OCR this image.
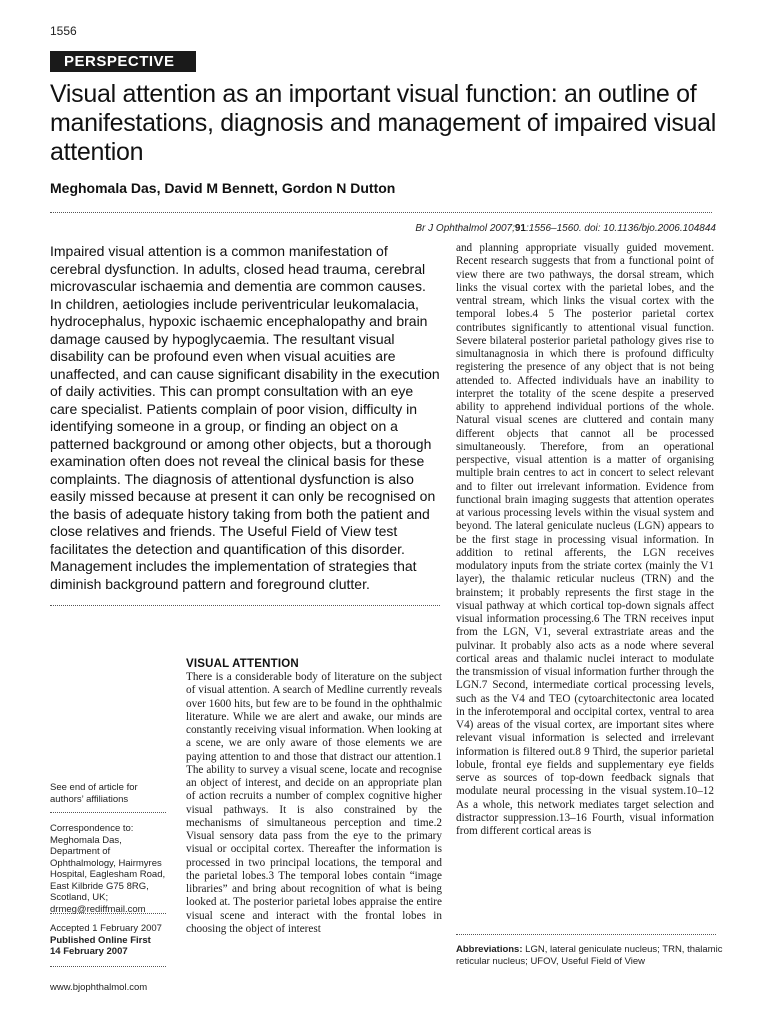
1556
PERSPECTIVE
Visual attention as an important visual function: an outline of manifestations, diagnosis and management of impaired visual attention
Meghomala Das, David M Bennett, Gordon N Dutton
Br J Ophthalmol 2007;91:1556–1560. doi: 10.1136/bjo.2006.104844

Impaired visual attention is a common manifestation of cerebral dysfunction. In adults, closed head trauma, cerebral microvascular ischaemia and dementia are common causes. In children, aetiologies include periventricular leukomalacia, hydrocephalus, hypoxic ischaemic encephalopathy and brain damage caused by hypoglycaemia. The resultant visual disability can be profound even when visual acuities are unaffected, and can cause significant disability in the execution of daily activities. This can prompt consultation with an eye care specialist. Patients complain of poor vision, difficulty in identifying someone in a group, or finding an object on a patterned background or among other objects, but a thorough examination often does not reveal the clinical basis for these complaints. The diagnosis of attentional dysfunction is also easily missed because at present it can only be recognised on the basis of adequate history taking from both the patient and close relatives and friends. The Useful Field of View test facilitates the detection and quantification of this disorder. Management includes the implementation of strategies that diminish background pattern and foreground clutter.

VISUAL ATTENTION

There is a considerable body of literature on the subject of visual attention. A search of Medline currently reveals over 1600 hits, but few are to be found in the ophthalmic literature. While we are alert and awake, our minds are constantly receiving visual information. When looking at a scene, we are only aware of those elements we are paying attention to and those that distract our attention.1 The ability to survey a visual scene, locate and recognise an object of interest, and decide on an appropriate plan of action recruits a number of complex cognitive higher visual pathways. It is also constrained by the mechanisms of simultaneous perception and time.2 Visual sensory data pass from the eye to the primary visual or occipital cortex. Thereafter the information is processed in two principal locations, the temporal and the parietal lobes.3 The temporal lobes contain “image libraries” and bring about recognition of what is being looked at. The posterior parietal lobes appraise the entire visual scene and interact with the frontal lobes in choosing the object of interest

and planning appropriate visually guided movement. Recent research suggests that from a functional point of view there are two pathways, the dorsal stream, which links the visual cortex with the parietal lobes, and the ventral stream, which links the visual cortex with the temporal lobes.4 5 The posterior parietal cortex contributes significantly to attentional visual function. Severe bilateral posterior parietal pathology gives rise to simultanagnosia in which there is profound difficulty registering the presence of any object that is not being attended to. Affected individuals have an inability to interpret the totality of the scene despite a preserved ability to apprehend individual portions of the whole. Natural visual scenes are cluttered and contain many different objects that cannot all be processed simultaneously. Therefore, from an operational perspective, visual attention is a matter of organising multiple brain centres to act in concert to select relevant and to filter out irrelevant information. Evidence from functional brain imaging suggests that attention operates at various processing levels within the visual system and beyond. The lateral geniculate nucleus (LGN) appears to be the first stage in processing visual information. In addition to retinal afferents, the LGN receives modulatory inputs from the striate cortex (mainly the V1 layer), the thalamic reticular nucleus (TRN) and the brainstem; it probably represents the first stage in the visual pathway at which cortical top-down signals affect visual information processing.6 The TRN receives input from the LGN, V1, several extrastriate areas and the pulvinar. It probably also acts as a node where several cortical areas and thalamic nuclei interact to modulate the transmission of visual information further through the LGN.7 Second, intermediate cortical processing levels, such as the V4 and TEO (cytoarchitectonic area located in the inferotemporal and occipital cortex, ventral to area V4) areas of the visual cortex, are important sites where relevant visual information is selected and irrelevant information is filtered out.8 9 Third, the superior parietal lobule, frontal eye fields and supplementary eye fields serve as sources of top-down feedback signals that modulate neural processing in the visual system.10–12 As a whole, this network mediates target selection and distractor suppression.13–16 Fourth, visual information from different cortical areas is

See end of article for authors’ affiliations

Correspondence to: Meghomala Das, Department of Ophthalmology, Hairmyres Hospital, Eaglesham Road, East Kilbride G75 8RG, Scotland, UK; drmeg@rediffmail.com

Accepted 1 February 2007

Published Online First

14 February 2007	Abbreviations: LGN, lateral geniculate nucleus; TRN, thalamic reticular nucleus; UFOV, Useful Field of View

www.bjophthalmol.com
